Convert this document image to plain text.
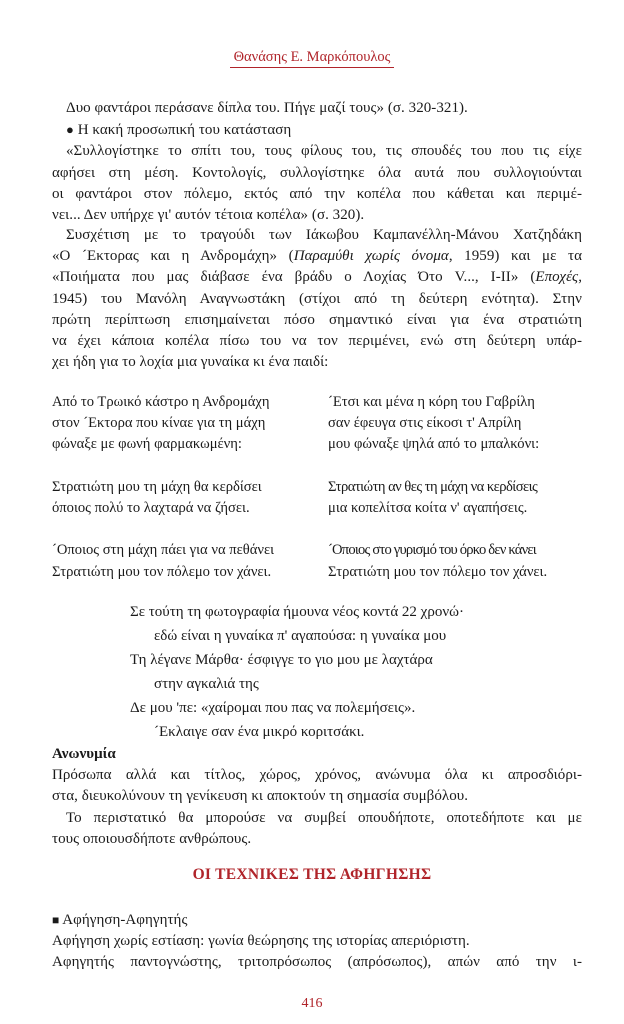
Θανάσης Ε. Μαρκόπουλος
Δυο φαντάροι περάσανε δίπλα του. Πήγε μαζί τους» (σ. 320-321).
● Η κακή προσωπική του κατάσταση
«Συλλογίστηκε το σπίτι του, τους φίλους του, τις σπουδές του που τις είχε
αφήσει στη μέση. Κοντολογίς, συλλογίστηκε όλα αυτά που συλλογιούνται
οι φαντάροι στον πόλεμο, εκτός από την κοπέλα που κάθεται και περιμέ-
νει... Δεν υπήρχε γι' αυτόν τέτοια κοπέλα» (σ. 320).
Συσχέτιση με το τραγούδι των Ιάκωβου Καμπανέλλη-Μάνου Χατζηδάκη
«Ο ´Εκτορας και η Ανδρομάχη» (Παραμύθι χωρίς όνομα, 1959) και με τα
«Ποιήματα που μας διάβασε ένα βράδυ ο Λοχίας Ότο V..., I-II» (Εποχές,
1945) του Μανόλη Αναγνωστάκη (στίχοι από τη δεύτερη ενότητα). Στην
πρώτη περίπτωση επισημαίνεται πόσο σημαντικό είναι για ένα στρατιώτη
να έχει κάποια κοπέλα πίσω του να τον περιμένει, ενώ στη δεύτερη υπάρ-
χει ήδη για το λοχία μια γυναίκα κι ένα παιδί:
Από το Τρωικό κάστρο η Ανδρομάχη
στον ´Εκτορα που κίναε για τη μάχη
φώναξε με φωνή φαρμακωμένη:
Στρατιώτη μου τη μάχη θα κερδίσει
όποιος πολύ το λαχταρά να ζήσει.
´Οποιος στη μάχη πάει για να πεθάνει
Στρατιώτη μου τον πόλεμο τον χάνει.
´Ετσι και μένα η κόρη του Γαβρίλη
σαν έφευγα στις είκοσι τ' Απρίλη
μου φώναξε ψηλά από το μπαλκόνι:
Στρατιώτη αν θες τη μάχη να κερδίσεις
μια κοπελίτσα κοίτα ν' αγαπήσεις.
´Οποιος στο γυρισμό του όρκο δεν κάνει
Στρατιώτη μου τον πόλεμο τον χάνει.
Σε τούτη τη φωτογραφία ήμουνα νέος κοντά 22 χρονώ·
εδώ είναι η γυναίκα π' αγαπούσα: η γυναίκα μου
Τη λέγανε Μάρθα· έσφιγγε το γιο μου με λαχτάρα
στην αγκαλιά της
Δε μου 'πε: «χαίρομαι που πας να πολεμήσεις».
´Εκλαιγε σαν ένα μικρό κοριτσάκι.
Ανωνυμία
Πρόσωπα αλλά και τίτλος, χώρος, χρόνος, ανώνυμα όλα κι απροσδιόρι-
στα, διευκολύνουν τη γενίκευση κι αποκτούν τη σημασία συμβόλου.
Το περιστατικό θα μπορούσε να συμβεί οπουδήποτε, οποτεδήποτε και με
τους οποιουσδήποτε ανθρώπους.
ΟΙ ΤΕΧΝΙΚΕΣ ΤΗΣ ΑΦΗΓΗΣΗΣ
■ Αφήγηση-Αφηγητής
Αφήγηση χωρίς εστίαση: γωνία θεώρησης της ιστορίας απεριόριστη.
Αφηγητής παντογνώστης, τριτοπρόσωπος (απρόσωπος), απών από την ι-
416
